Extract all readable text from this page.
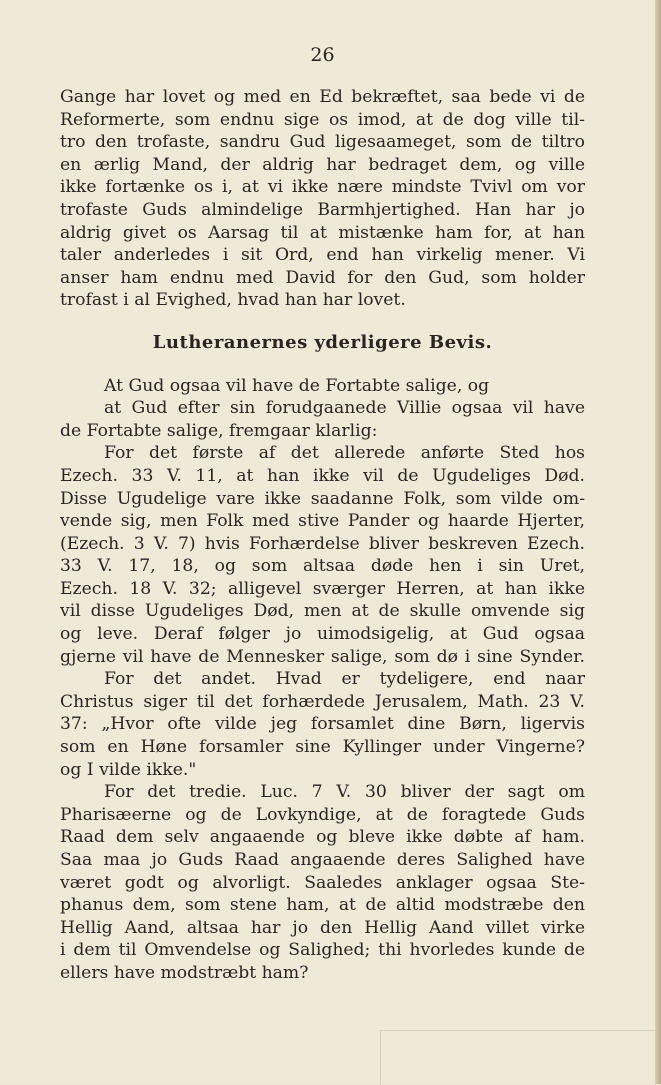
26
Gange har lovet og med en Ed bekræftet, saa bede vi de
Reformerte, som endnu sige os imod, at de dog ville til-
tro den trofaste, sandru Gud ligesaameget, som de tiltro
en ærlig Mand, der aldrig har bedraget dem, og ville
ikke fortænke os i, at vi ikke nære mindste Tvivl om vor
trofaste Guds almindelige Barmhjertighed. Han har jo
aldrig givet os Aarsag til at mistænke ham for, at han
taler anderledes i sit Ord, end han virkelig mener. Vi
anser ham endnu med David for den Gud, som holder
trofast i al Evighed, hvad han har lovet.
Lutheranernes yderligere Bevis.
At Gud ogsaa vil have de Fortabte salige, og
at Gud efter sin forudgaanede Villie ogsaa vil have
de Fortabte salige, fremgaar klarlig:
For det første af det allerede anførte Sted hos
Ezech. 33 V. 11, at han ikke vil de Ugudeliges Død.
Disse Ugudelige vare ikke saadanne Folk, som vilde om-
vende sig, men Folk med stive Pander og haarde Hjerter,
(Ezech. 3 V. 7) hvis Forhærdelse bliver beskreven Ezech.
33 V. 17, 18, og som altsaa døde hen i sin Uret,
Ezech. 18 V. 32; alligevel sværger Herren, at han ikke
vil disse Ugudeliges Død, men at de skulle omvende sig
og leve. Deraf følger jo uimodsigelig, at Gud ogsaa
gjerne vil have de Mennesker salige, som dø i sine Synder.
For det andet. Hvad er tydeligere, end naar
Christus siger til det forhærdede Jerusalem, Math. 23 V.
37: „Hvor ofte vilde jeg forsamlet dine Børn, ligervis
som en Høne forsamler sine Kyllinger under Vingerne?
og I vilde ikke."
For det tredie. Luc. 7 V. 30 bliver der sagt om
Pharisæerne og de Lovkyndige, at de foragtede Guds
Raad dem selv angaaende og bleve ikke døbte af ham.
Saa maa jo Guds Raad angaaende deres Salighed have
været godt og alvorligt. Saaledes anklager ogsaa Ste-
phanus dem, som stene ham, at de altid modstræbe den
Hellig Aand, altsaa har jo den Hellig Aand villet virke
i dem til Omvendelse og Salighed; thi hvorledes kunde de
ellers have modstræbt ham?
